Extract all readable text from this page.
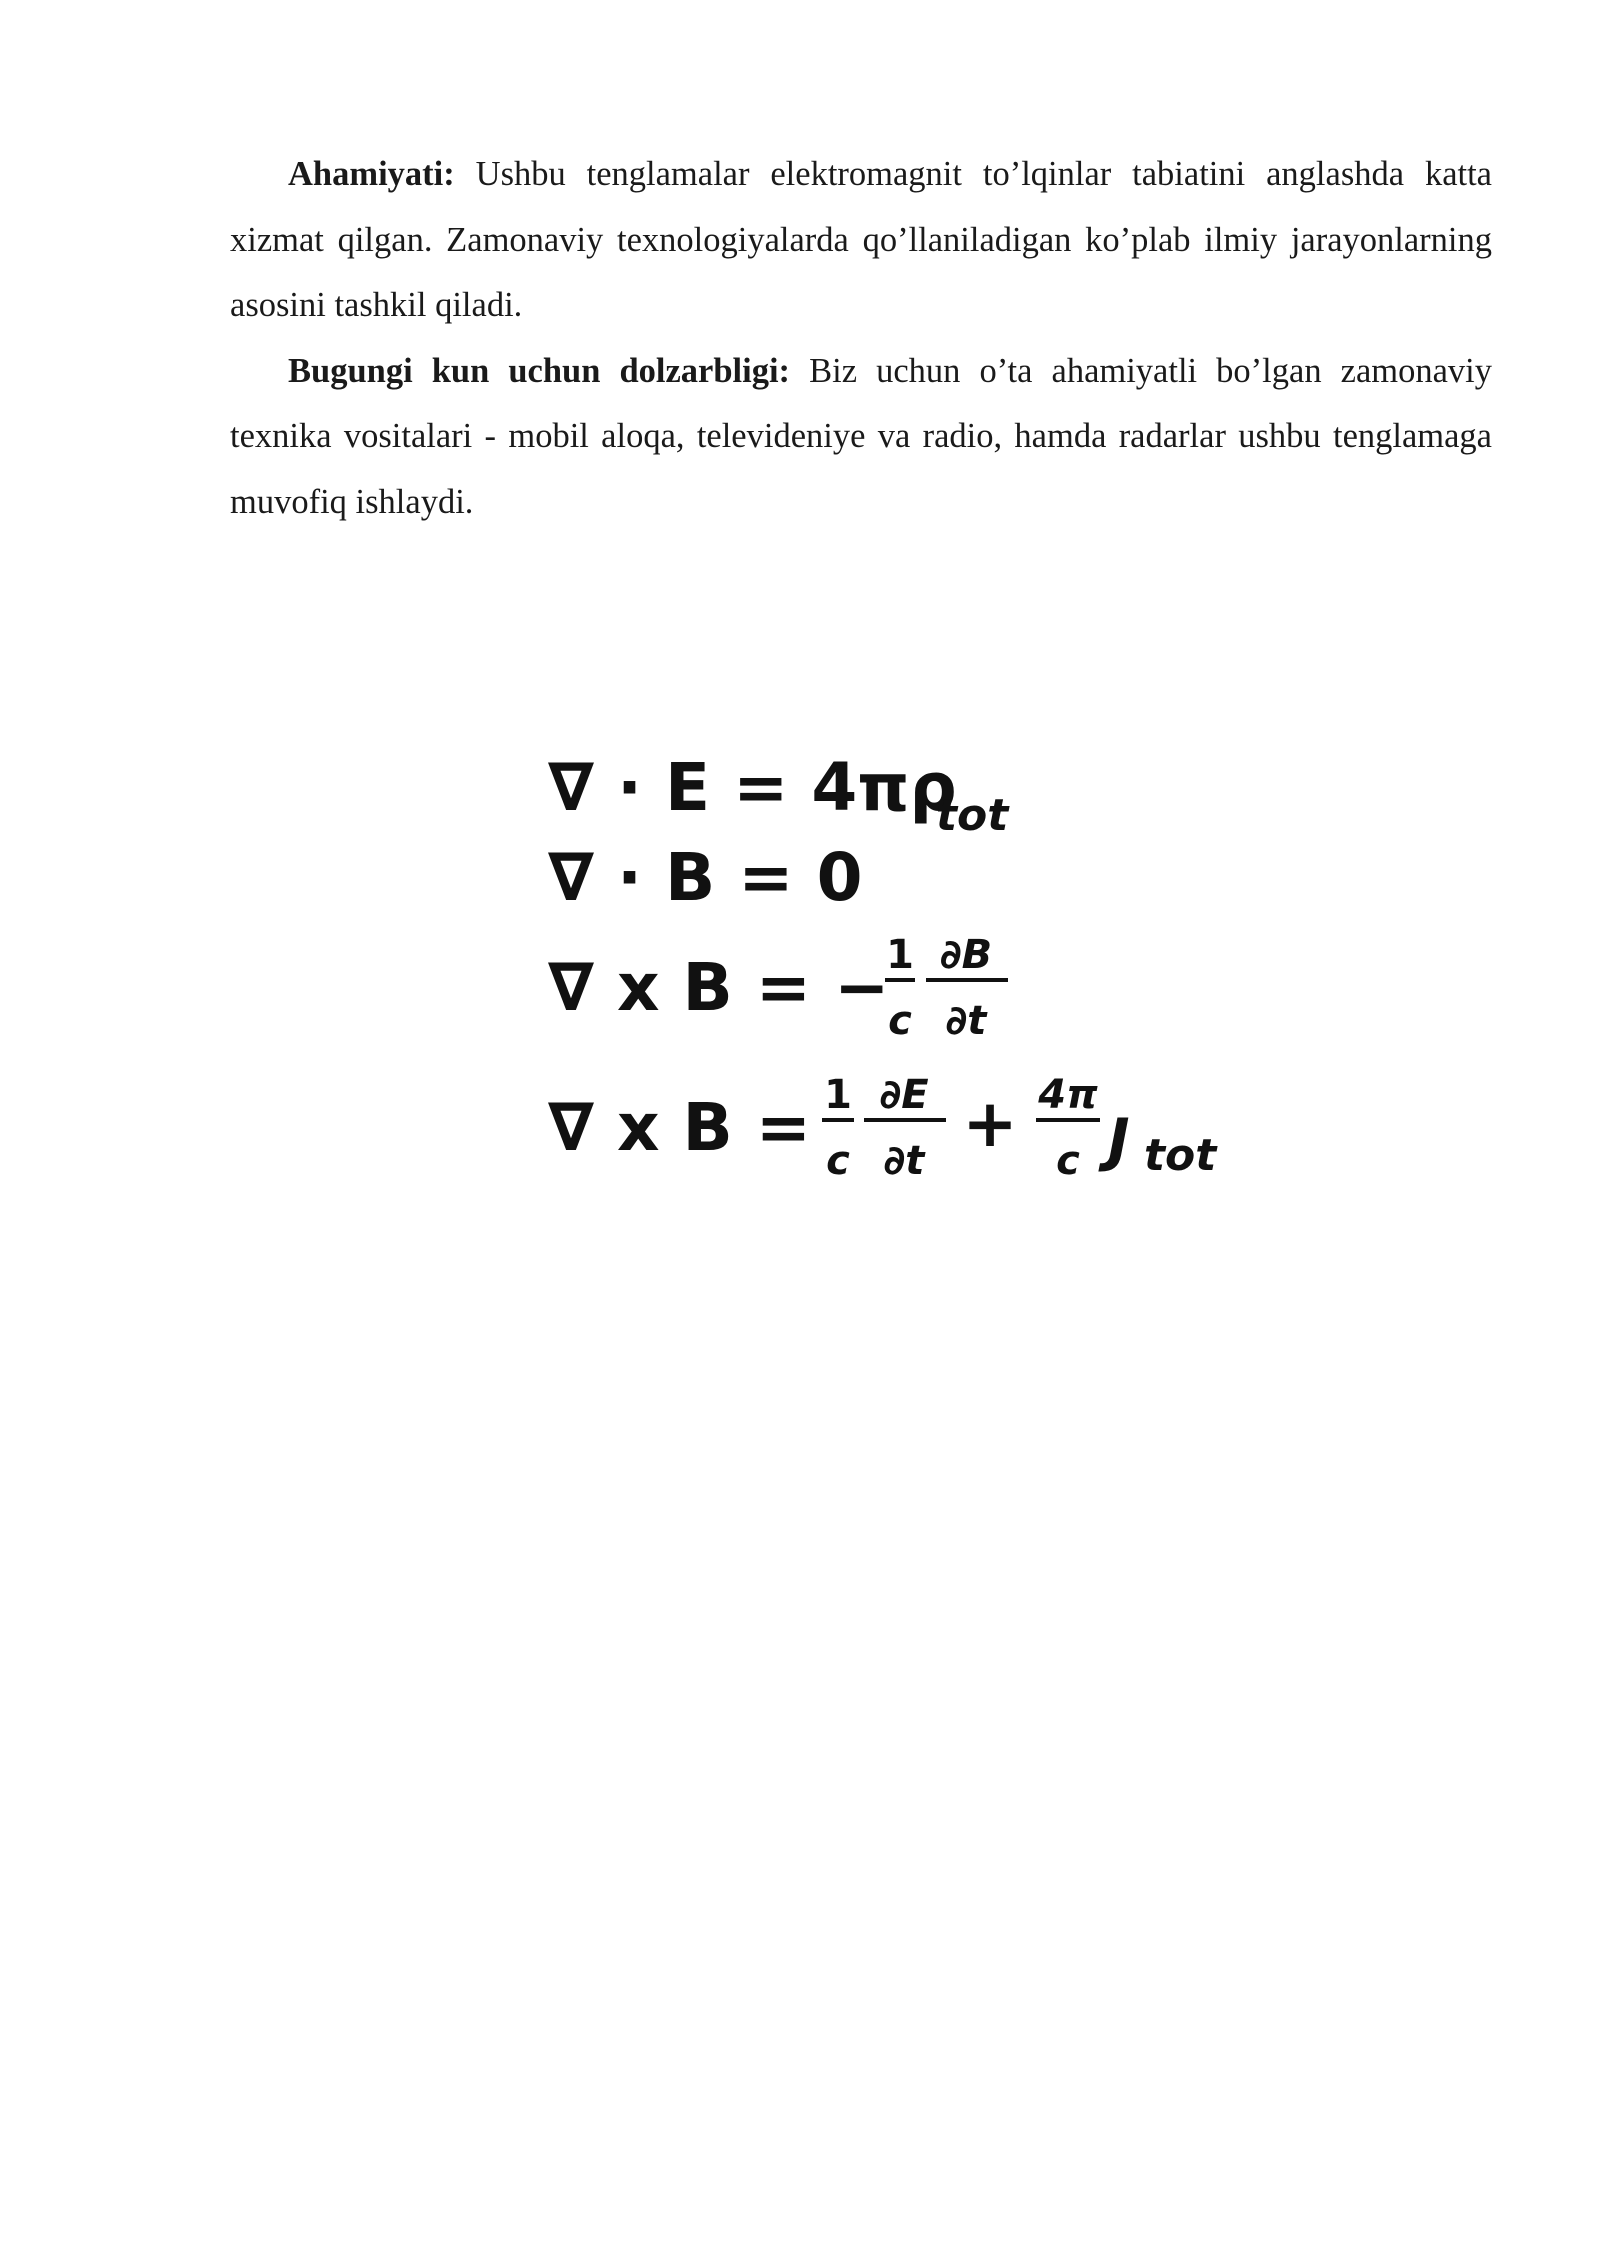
Ahamiyati: Ushbu tenglamalar elektromagnit to’lqinlar tabiatini anglashda katta xizmat qilgan. Zamonaviy texnologiyalarda qo’llaniladigan ko’plab ilmiy jarayonlarning asosini tashkil qiladi.

Bugungi kun uchun dolzarbligi: Biz uchun o’ta ahamiyatli bo’lgan zamonaviy texnika vositalari - mobil aloqa, televideniye va radio, hamda radarlar ushbu tenglamaga muvofiq ishlaydi.

∇ · E = 4πρ
tot
∇ · B = 0
∇ x B = −
1
c
∂B
∂t
∇ x B = 1
c
∂E
∂t + 4π
c J tot
